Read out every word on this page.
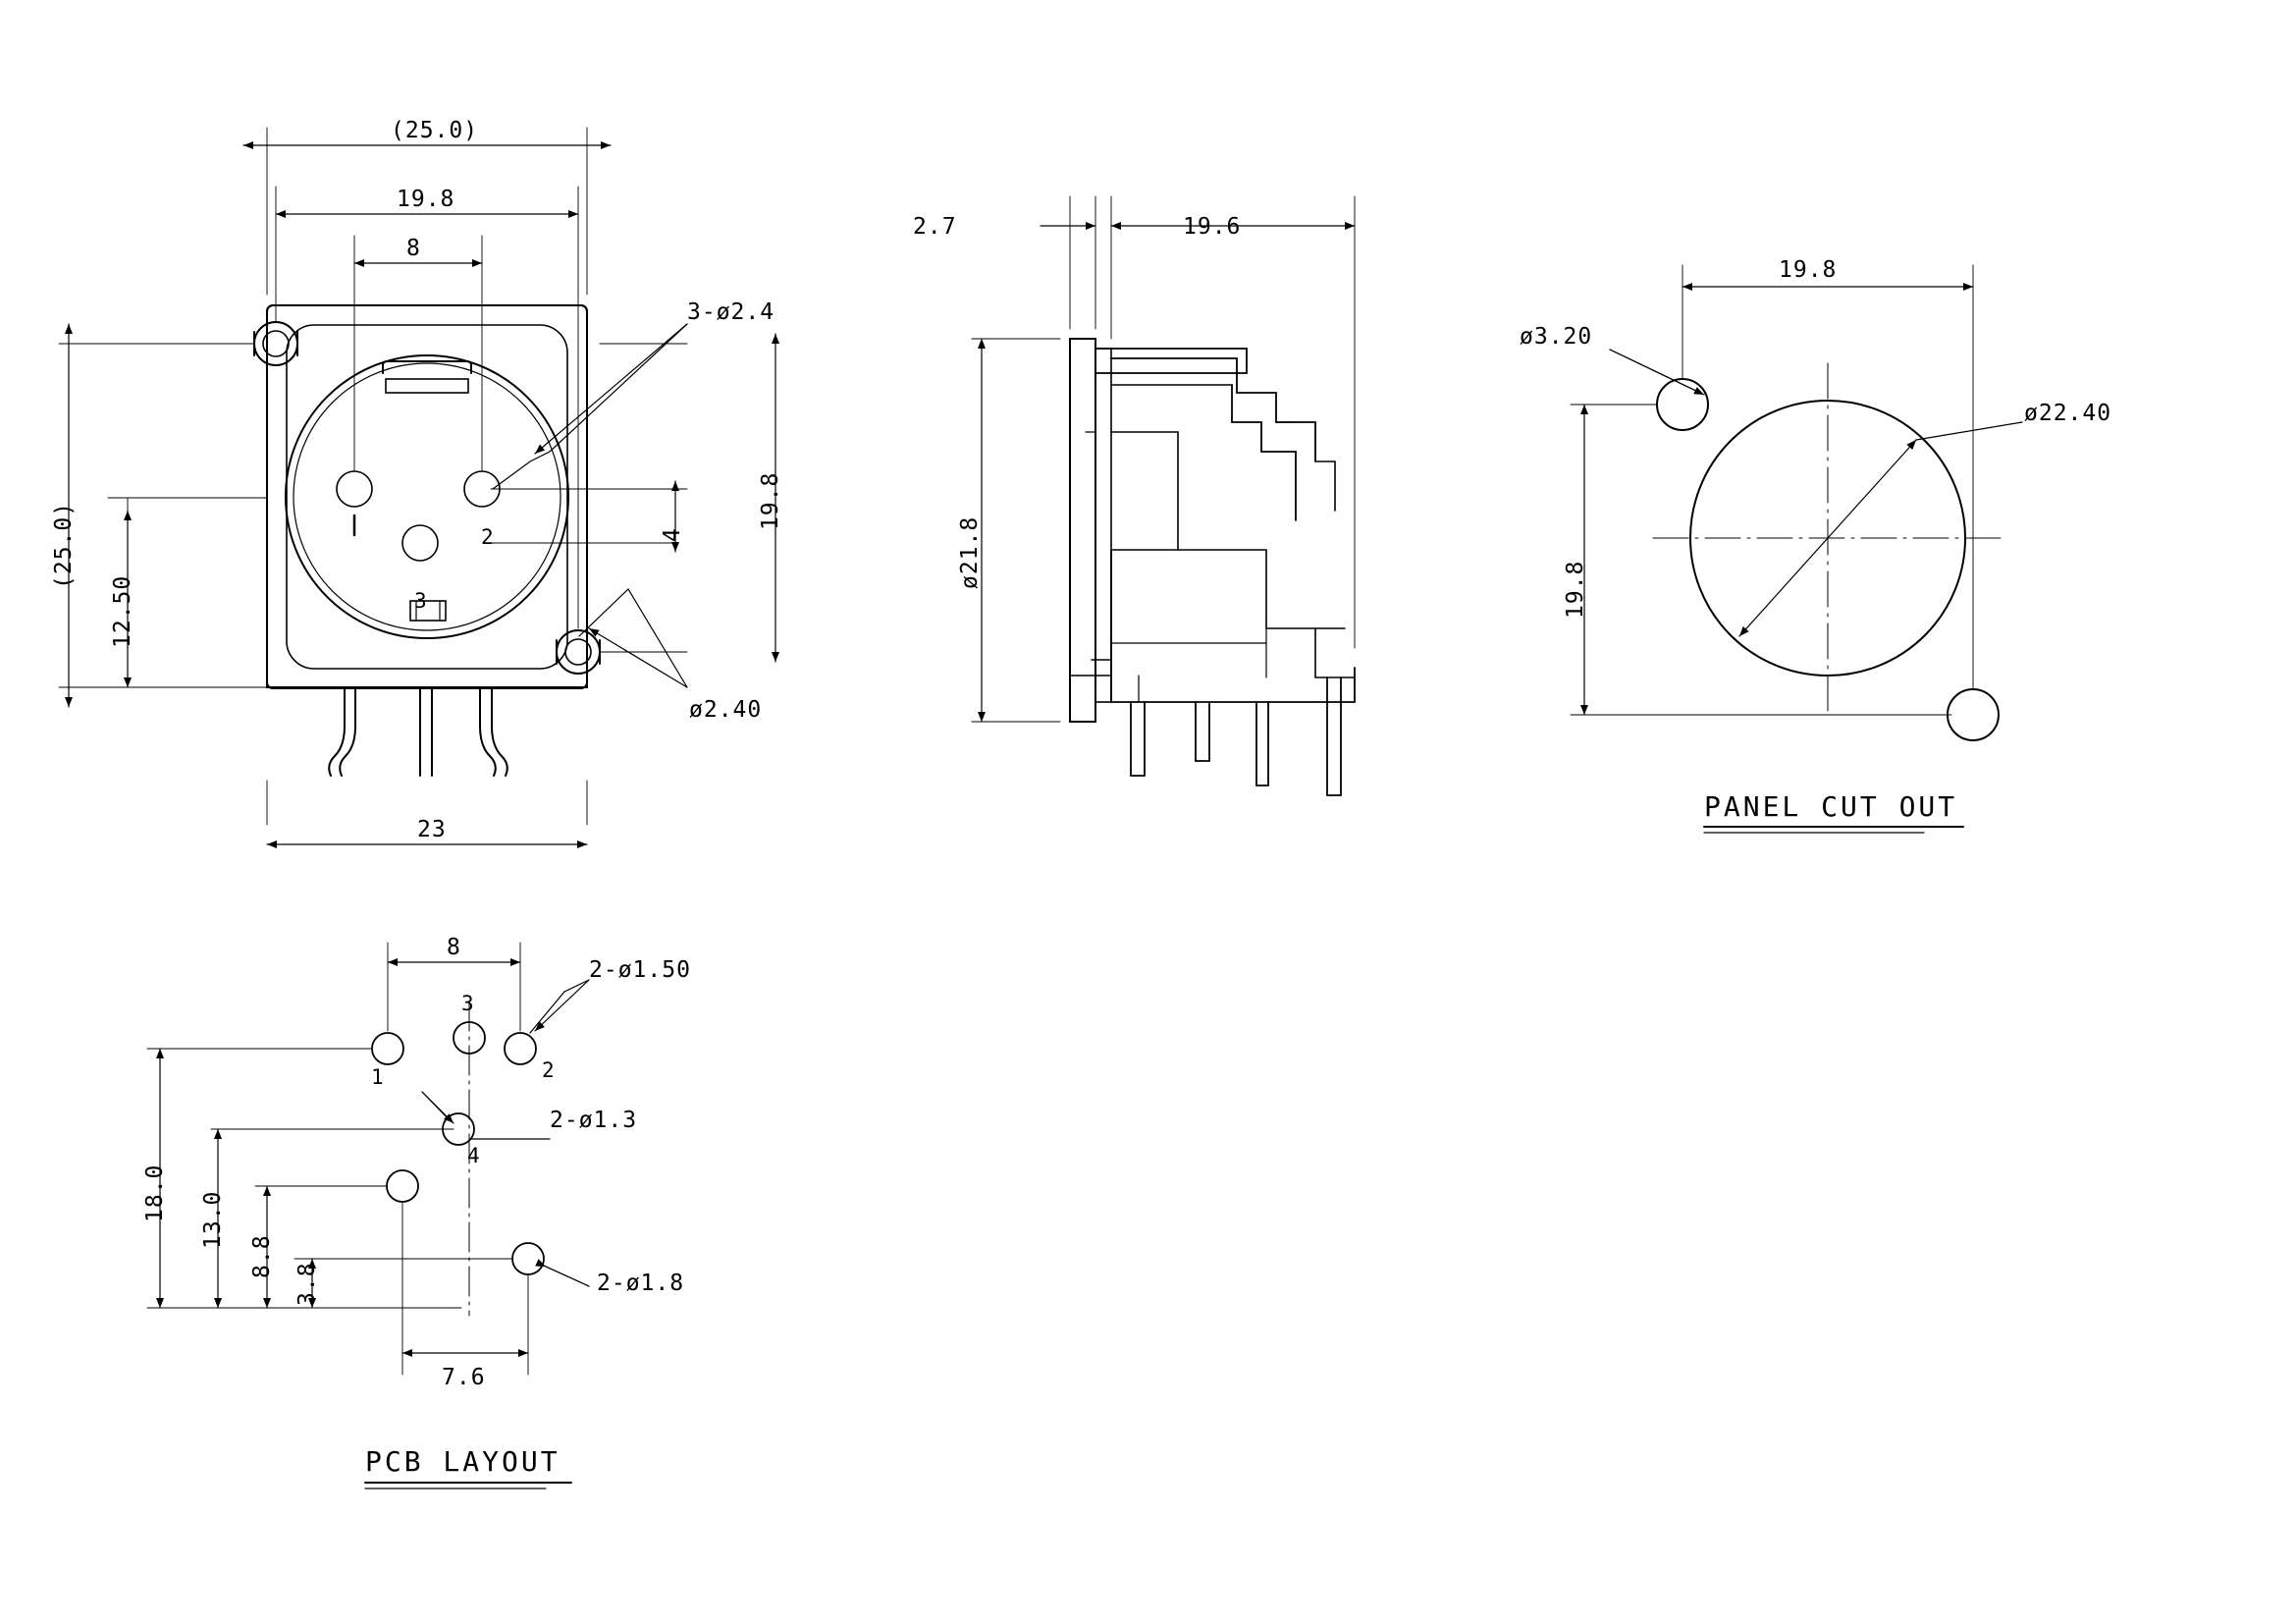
(25.0)
19.8
8
(25.0)
12.50
19.8
4
23
3-ø2.4
ø2.40
2
3
2.7	19.6
ø21.8
19.8
19.8
ø3.20
ø22.40
PANEL CUT OUT
8
2-ø1.50
2-ø1.3
2-ø1.8
18.0 13.0
8.8
3.8
7.6
1	2
3
4
PCB LAYOUT
